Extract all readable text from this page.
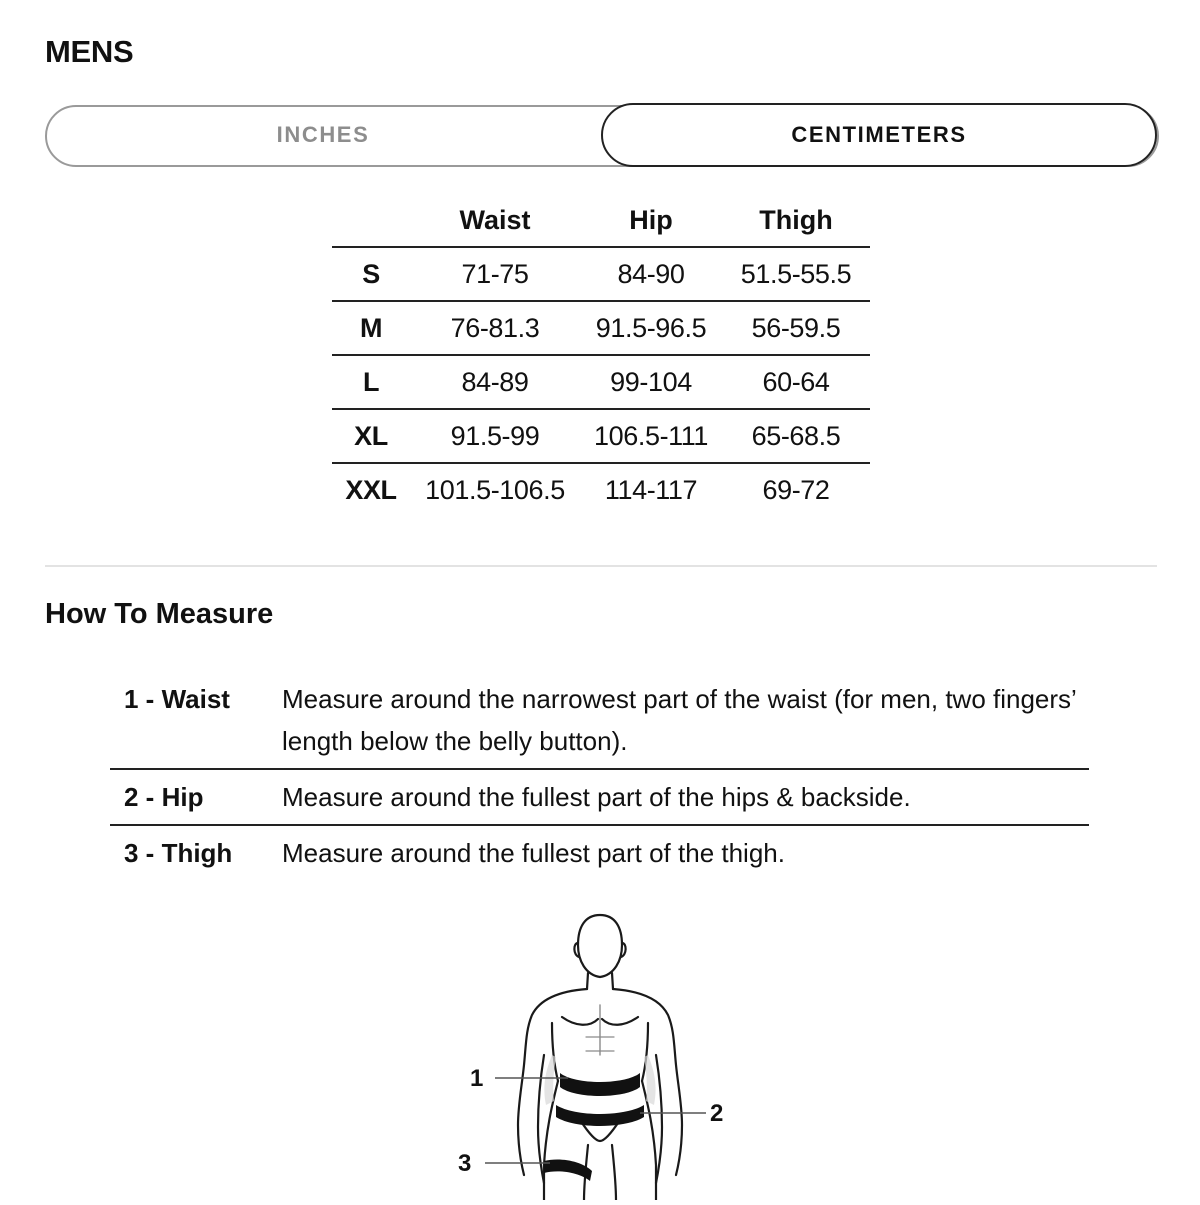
MENS
INCHES	CENTIMETERS
	Waist	Hip	Thigh
S	71-75	84-90	51.5-55.5
M	76-81.3	91.5-96.5	56-59.5
L	84-89	99-104	60-64
XL	91.5-99	106.5-111	65-68.5
XXL	101.5-106.5	114-117	69-72
How To Measure
1 - Waist	Measure around the narrowest part of the waist (for men, two fingers’ length below the belly button).
2 - Hip	Measure around the fullest part of the hips & backside.
3 - Thigh	Measure around the fullest part of the thigh.
1
2
3
